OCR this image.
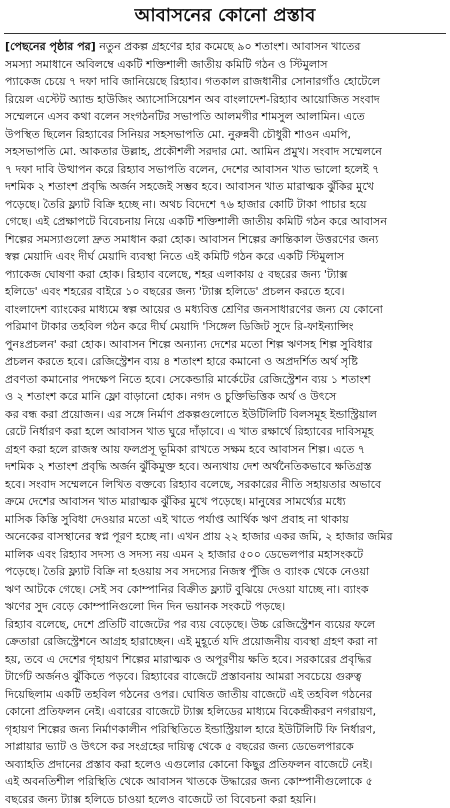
আবাসনের কোনো প্রস্তাব
[পেছনের পৃষ্ঠার পর] নতুন প্রকল্প গ্রহণের হার কমেছে ৯০ শতাংশ। আবাসন খাতের
সমস্যা সমাধানে অবিলম্বে একটি শক্তিশালী জাতীয় কমিটি গঠন ও স্টিমুলাস
প্যাকেজ চেয়ে ৭ দফা দাবি জানিয়েছে রিহ্যাব। গতকাল রাজধানীর সোনারগাঁও হোটেলে
রিয়েল এস্টেট অ্যান্ড হাউজিং অ্যাসোসিয়েশন অব বাংলাদেশ-রিহ্যাব আয়োজিত সংবাদ
সম্মেলনে এসব কথা বলেন সংগঠনটির সভাপতি আলমগীর শামসুল আলামিন। এতে
উপস্থিত ছিলেন রিহ্যাবের সিনিয়র সহসভাপতি মো. নুরুন্নবী চৌধুরী শাওন এমপি,
সহসভাপতি মো. আকতার উল্লাহ, প্রকৌশলী সরদার মো. আমিন প্রমুখ। সংবাদ সম্মেলনে
৭ দফা দাবি উত্থাপন করে রিহ্যাব সভাপতি বলেন, দেশের আবাসন খাত ভালো হলেই ৭
দশমিক ২ শতাংশ প্রবৃদ্ধি অর্জন সহজেই সম্ভব হবে। আবাসন খাত মারাত্মক ঝুঁকির মুখে
পড়েছে। তৈরি ফ্ল্যাট বিক্রি হচ্ছে না। অথচ বিদেশে ৭৬ হাজার কোটি টাকা পাচার হয়ে
গেছে। এই প্রেক্ষাপটে বিবেচনায় নিয়ে একটি শক্তিশালী জাতীয় কমিটি গঠন করে আবাসন
শিল্পের সমস্যাগুলো দ্রুত সমাধান করা হোক। আবাসন শিল্পের ক্রান্তিকাল উত্তরণের জন্য
স্বল্প মেয়াদি এবং দীর্ঘ মেয়াদি ব্যবস্থা নিতে এই কমিটি গঠন করে একটি স্টিমুলাস
প্যাকেজ ঘোষণা করা হোক। রিহ্যাব বলেছে, শহর এলাকায় ৫ বছরের জন্য 'ট্যাক্স
হলিডে' এবং শহরের বাইরে ১০ বছরের জন্য 'ট্যাক্স হলিডে' প্রচলন করতে হবে।
বাংলাদেশ ব্যাংকের মাধ্যমে স্বল্প আয়ের ও মধ্যবিত্ত শ্রেণির জনসাধারণের জন্য যে কোনো
পরিমাণ টাকার তহবিল গঠন করে দীর্ঘ মেয়াদি 'সিঙ্গেল ডিজিট সুদে রি-ফাইন্যান্সিং
পুনঃপ্রচলন' করা হোক। আবাসন শিল্পে অন্যান্য দেশের মতো শিল্প ঋণসহ শিল্প সুবিধার
প্রচলন করতে হবে। রেজিস্ট্রেশন ব্যয় ৪ শতাংশ হারে কমানো ও অপ্রদর্শিত অর্থ সৃষ্টি
প্রবণতা কমানোর পদক্ষেপ নিতে হবে। সেকেন্ডারি মার্কেটের রেজিস্ট্রেশন ব্যয় ১ শতাংশ
ও ২ শতাংশ করে মানি ফ্লো বাড়ানো হোক। নগদ ও চুক্তিভিত্তিক অর্থ ও উৎসে
কর বন্ধ করা প্রয়োজন। এর সঙ্গে নির্মাণ প্রকল্পগুলোতে ইউটিলিটি বিলসমূহ ইন্ডাস্ট্রিয়াল
রেটে নির্ধারণ করা হলে আবাসন খাত ঘুরে দাঁড়াবে। এ খাত রক্ষার্থে রিহ্যাবের দাবিসমূহ
গ্রহণ করা হলে রাজস্ব আয় ফলপ্রসূ ভূমিকা রাখতে সক্ষম হবে আবাসন শিল্প। এতে ৭
দশমিক ২ শতাংশ প্রবৃদ্ধি অর্জন ঝুঁকিমুক্ত হবে। অন্যথায় দেশ অর্থনৈতিকভাবে ক্ষতিগ্রস্ত
হবে। সংবাদ সম্মেলনে লিখিত বক্তব্যে রিহ্যাব বলেছে, সরকারের নীতি সহায়তার অভাবে
ক্রমে দেশের আবাসন খাত মারাত্মক ঝুঁকির মুখে পড়েছে। মানুষের সামর্থ্যের মধ্যে
মাসিক কিস্তি সুবিধা দেওয়ার মতো এই খাতে পর্যাপ্ত আর্থিক ঋণ প্রবাহ না থাকায়
অনেকের বাসস্থানের স্বপ্ন পূরণ হচ্ছে না। এখন প্রায় ২২ হাজার একর জমি, ২ হাজার জমির
মালিক এবং রিহ্যাব সদস্য ও সদস্য নয় এমন ২ হাজার ৫০০ ডেভেলপার মহাসংকটে
পড়েছে। তৈরি ফ্ল্যাট বিক্রি না হওয়ায় সব সদস্যের নিজস্ব পুঁজি ও ব্যাংক থেকে নেওয়া
ঋণ আটকে গেছে। সেই সব কোম্পানির বিক্রীত ফ্ল্যাট বুঝিয়ে দেওয়া যাচ্ছে না। ব্যাংক
ঋণের সুদ বেড়ে কোম্পানিগুলো দিন দিন ভয়ানক সংকটে পড়ছে।
রিহ্যাব বলেছে, দেশে প্রতিটি বাজেটের পর ব্যয় বেড়েছে। উচ্চ রেজিস্ট্রেশন ব্যয়ের ফলে
ক্রেতারা রেজিস্ট্রেশনে আগ্রহ হারাচ্ছেন। এই মুহূর্তে যদি প্রয়োজনীয় ব্যবস্থা গ্রহণ করা না
হয়, তবে এ দেশের গৃহায়ণ শিল্পের মারাত্মক ও অপূরণীয় ক্ষতি হবে। সরকারের প্রবৃদ্ধির
টার্গেট অর্জনও ঝুঁকিতে পড়বে। রিহ্যাবের বাজেটে প্রস্তাবনায় আমরা সবচেয়ে গুরুত্ব
দিয়েছিলাম একটি তহবিল গঠনের ওপর। ঘোষিত জাতীয় বাজেটে এই তহবিল গঠনের
কোনো প্রতিফলন নেই। এবারের বাজেটে ট্যাক্স হলিডের মাধ্যমে বিকেন্দ্রীকরণ নগরায়ণ,
গৃহায়ণ শিল্পের জন্য নির্মাণকালীন পরিস্থিতিতে ইন্ডাস্ট্রিয়াল হারে ইউটিলিটি ফি নির্ধারণ,
সাপ্লায়ার ভ্যাট ও উৎসে কর সংগ্রহের দায়িত্ব থেকে ৫ বছরের জন্য ডেভেলপারকে
অব্যাহতি প্রদানের প্রস্তাব করা হলেও এগুলোর কোনো কিছুর প্রতিফলন বাজেটে নেই।
এই অবনতিশীল পরিস্থিতি থেকে আবাসন খাতকে উদ্ধারের জন্য কোম্পানীগুলোকে ৫
বছরের জন্য ট্যাক্স হলিডে চাওয়া হলেও বাজেটে তা বিবেচনা করা হয়নি।
